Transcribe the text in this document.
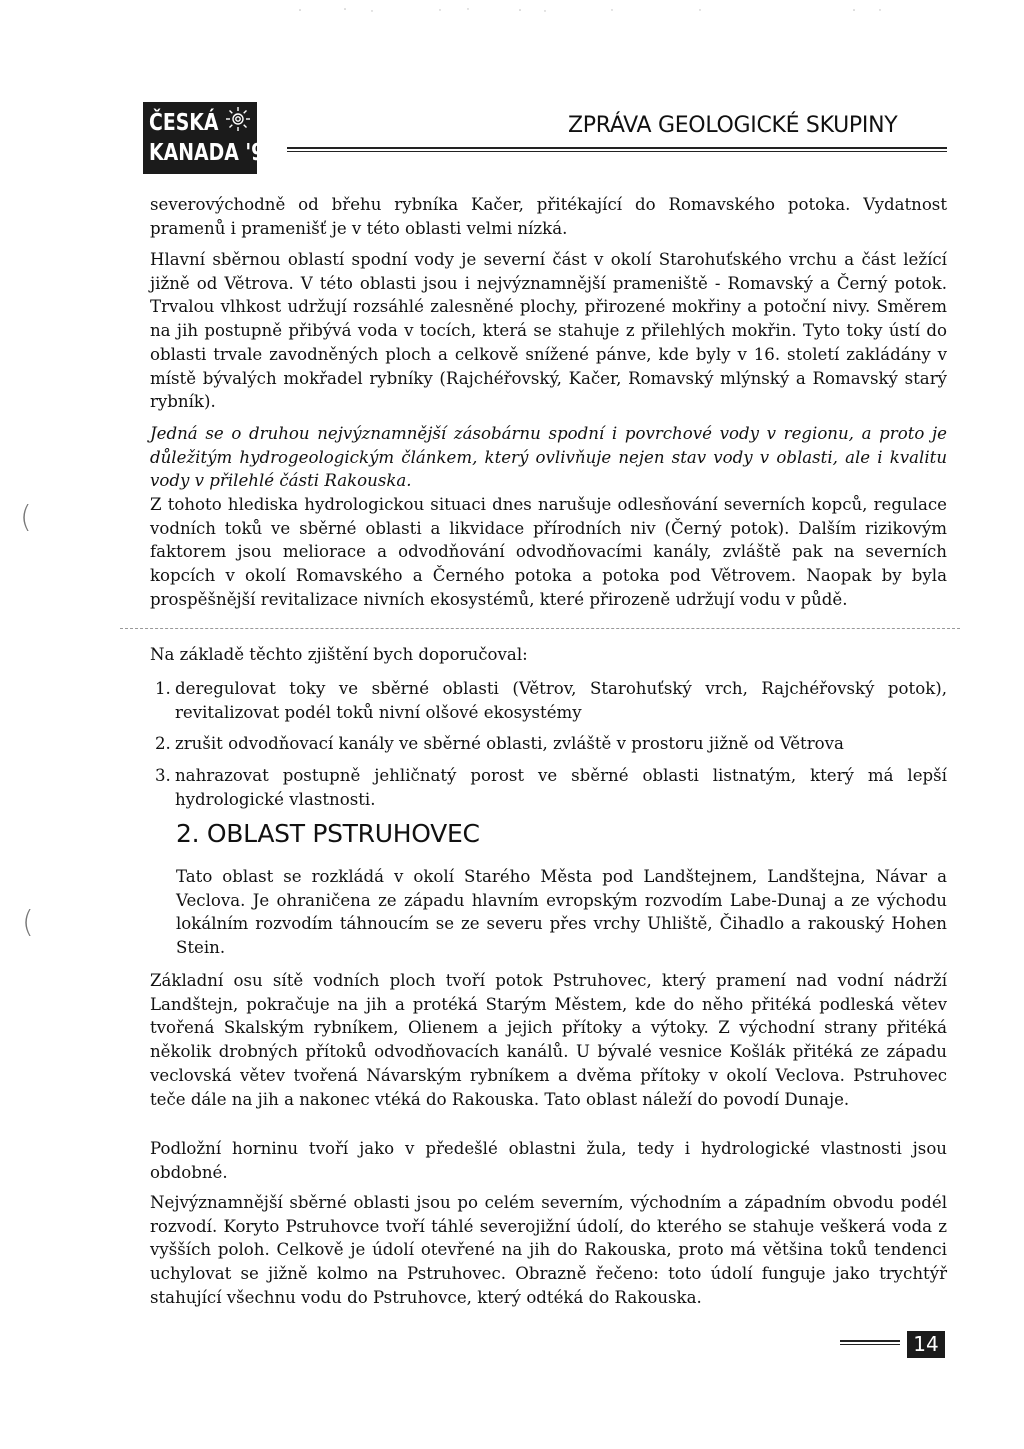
ČESKÁ
KANADA '97
ZPRÁVA GEOLOGICKÉ SKUPINY

severovýchodně od břehu rybníka Kačer, přitékající do Romavského potoka. Vydatnost pramenů i pramenišť je v této oblasti velmi nízká.

Hlavní sběrnou oblastí spodní vody je severní část v okolí Starohuťského vrchu a část ležící jižně od Větrova. V této oblasti jsou i nejvýznamnější prameniště - Romavský a Černý potok. Trvalou vlhkost udržují rozsáhlé zalesněné plochy, přirozené mokřiny a potoční nivy. Směrem na jih postupně přibývá voda v tocích, která se stahuje z přilehlých mokřin. Tyto toky ústí do oblasti trvale zavodněných ploch a celkově snížené pánve, kde byly v 16. století zakládány v místě bývalých mokřadel rybníky (Rajchéřovský, Kačer, Romavský mlýnský a Romavský starý rybník).

Jedná se o druhou nejvýznamnější zásobárnu spodní i povrchové vody v regionu, a proto je důležitým hydrogeologickým článkem, který ovlivňuje nejen stav vody v oblasti, ale i kvalitu vody v přilehlé části Rakouska.

Z tohoto hlediska hydrologickou situaci dnes narušuje odlesňování severních kopců, regulace vodních toků ve sběrné oblasti a likvidace přírodních niv (Černý potok). Dalším rizikovým faktorem jsou meliorace a odvodňování odvodňovacími kanály, zvláště pak na severních kopcích v okolí Romavského a Černého potoka a potoka pod Větrovem. Naopak by byla prospěšnější revitalizace nivních ekosystémů, které přirozeně udržují vodu v půdě.

(

Na základě těchto zjištění bych doporučoval:

1. deregulovat toky ve sběrné oblasti (Větrov, Starohuťský vrch, Rajchéřovský potok), revitalizovat podél toků nivní olšové ekosystémy
2. zrušit odvodňovací kanály ve sběrné oblasti, zvláště v prostoru jižně od Větrova
3. nahrazovat postupně jehličnatý porost ve sběrné oblasti listnatým, který má lepší hydrologické vlastnosti.
2. OBLAST PSTRUHOVEC
(

Tato oblast se rozkládá v okolí Starého Města pod Landštejnem, Landštejna, Návar a Veclova. Je ohraničena ze západu hlavním evropským rozvodím Labe-Dunaj a ze východu lokálním rozvodím táhnoucím se ze severu přes vrchy Uhliště, Čihadlo a rakouský Hohen Stein.

Základní osu sítě vodních ploch tvoří potok Pstruhovec, který pramení nad vodní nádrží Landštejn, pokračuje na jih a protéká Starým Městem, kde do něho přitéká podleská větev tvořená Skalským rybníkem, Olienem a jejich přítoky a výtoky. Z východní strany přitéká několik drobných přítoků odvodňovacích kanálů. U bývalé vesnice Košlák přitéká ze západu veclovská větev tvořená Návarským rybníkem a dvěma přítoky v okolí Veclova. Pstruhovec teče dále na jih a nakonec vtéká do Rakouska. Tato oblast náleží do povodí Dunaje.

Podložní horninu tvoří jako v předešlé oblastni žula, tedy i hydrologické vlastnosti jsou obdobné.

Nejvýznamnější sběrné oblasti jsou po celém severním, východním a západním obvodu podél rozvodí. Koryto Pstruhovce tvoří táhlé severojižní údolí, do kterého se stahuje veškerá voda z vyšších poloh. Celkově je údolí otevřené na jih do Rakouska, proto má většina toků tendenci uchylovat se jižně kolmo na Pstruhovec. Obrazně řečeno: toto údolí funguje jako trychtýř stahující všechnu vodu do Pstruhovce, který odtéká do Rakouska.

14
